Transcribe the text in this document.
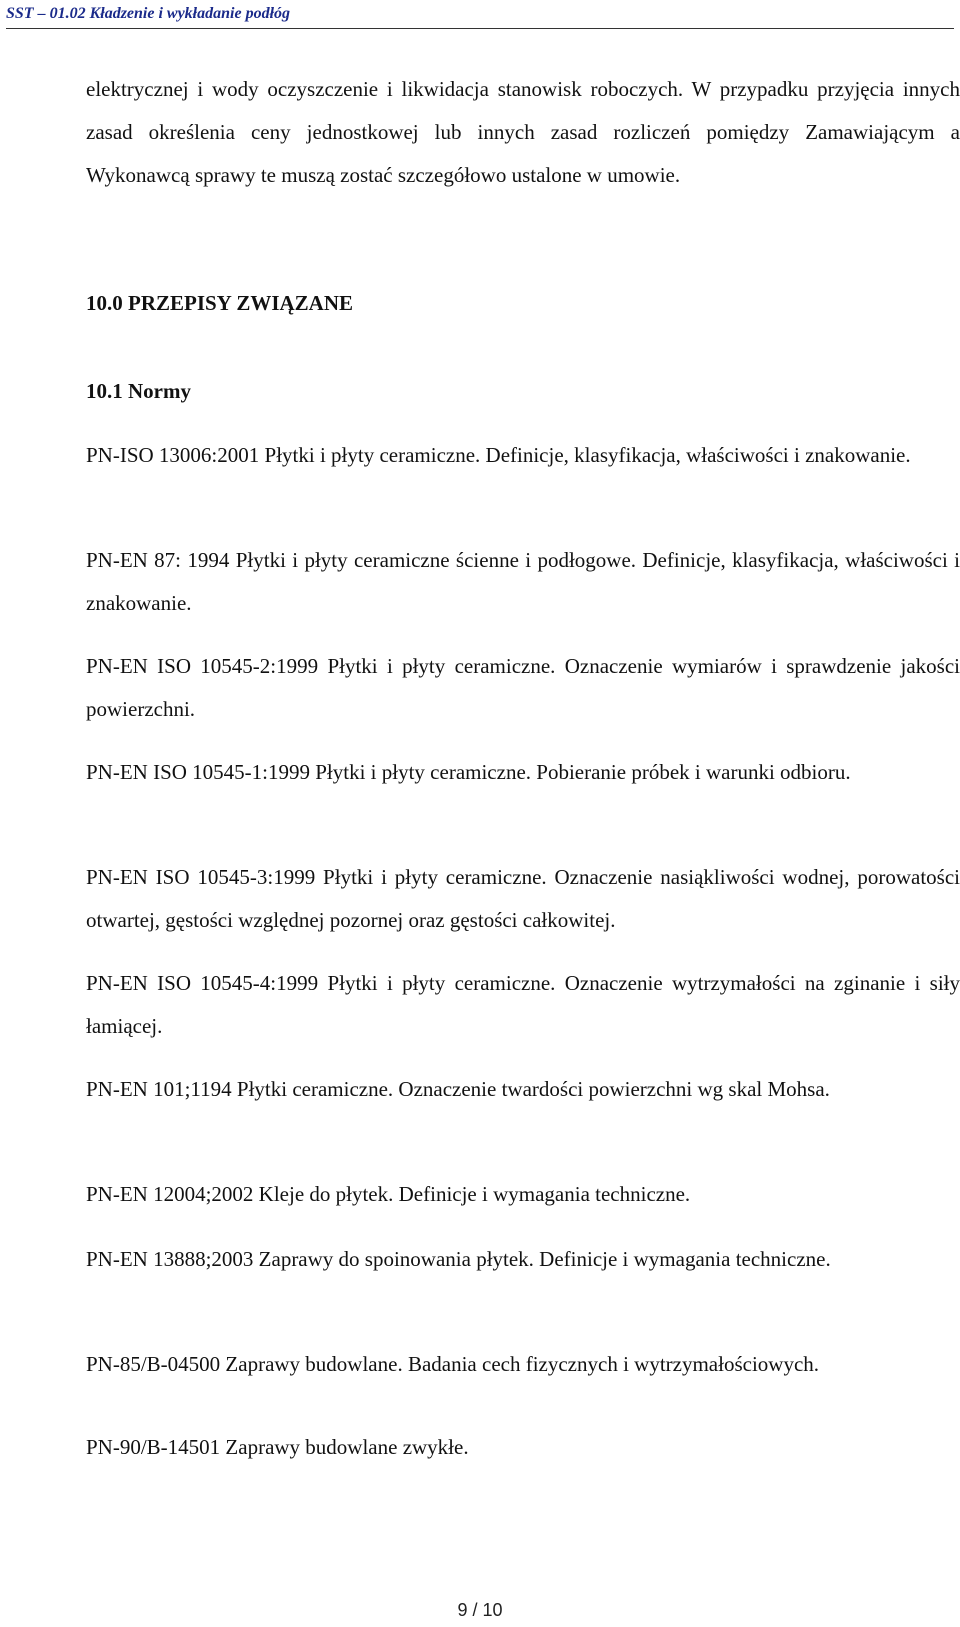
SST – 01.02 Kładzenie i wykładanie podłóg

elektrycznej i wody oczyszczenie i likwidacja stanowisk roboczych. W przypadku przyjęcia innych zasad określenia ceny jednostkowej lub innych zasad rozliczeń pomiędzy Zamawiającym a Wykonawcą sprawy te muszą zostać szczegółowo ustalone w umowie.

10.0 PRZEPISY ZWIĄZANE
10.1 Normy

PN-ISO 13006:2001 Płytki i płyty ceramiczne. Definicje, klasyfikacja, właściwości i znakowanie.

PN-EN 87: 1994 Płytki i płyty ceramiczne ścienne i podłogowe. Definicje, klasyfikacja, właściwości i znakowanie.

PN-EN ISO 10545-2:1999 Płytki i płyty ceramiczne. Oznaczenie wymiarów i sprawdzenie jakości powierzchni.

PN-EN ISO 10545-1:1999 Płytki i płyty ceramiczne. Pobieranie próbek i warunki odbioru.

PN-EN ISO 10545-3:1999 Płytki i płyty ceramiczne. Oznaczenie nasiąkliwości wodnej, porowatości otwartej, gęstości względnej pozornej oraz gęstości całkowitej.

PN-EN ISO 10545-4:1999 Płytki i płyty ceramiczne. Oznaczenie wytrzymałości na zginanie i siły łamiącej.

PN-EN 101;1194 Płytki ceramiczne. Oznaczenie twardości powierzchni wg skal Mohsa.

PN-EN 12004;2002 Kleje do płytek. Definicje i wymagania techniczne.

PN-EN 13888;2003 Zaprawy do spoinowania płytek. Definicje i wymagania techniczne.

PN-85/B-04500 Zaprawy budowlane. Badania cech fizycznych i wytrzymałościowych.

PN-90/B-14501 Zaprawy budowlane zwykłe.

9 / 10
